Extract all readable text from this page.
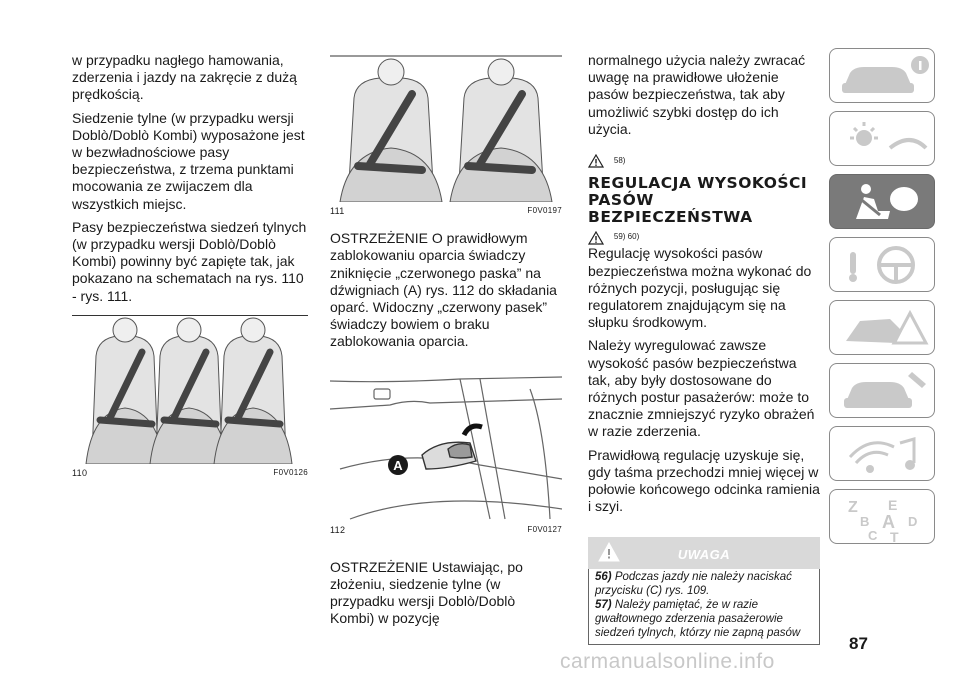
w przypadku nagłego hamowania, zderzenia i jazdy na zakręcie z dużą prędkością.

Siedzenie tylne (w przypadku wersji Doblò/Doblò Kombi) wyposażone jest w bezwładnościowe pasy bezpieczeństwa, z trzema punktami mocowania ze zwijaczem dla wszystkich miejsc.

Pasy bezpieczeństwa siedzeń tylnych (w przypadku wersji Doblò/Doblò Kombi) powinny być zapięte tak, jak pokazano na schematach na rys. 110 - rys. 111.

110	F0V0126
111	F0V0197

OSTRZEŻENIE O prawidłowym zablokowaniu oparcia świadczy zniknięcie „czerwonego paska” na dźwigniach (A) rys. 112 do składania oparć. Widoczny „czerwony pasek” świadczy bowiem o braku zablokowania oparcia.

A
112	F0V0127

OSTRZEŻENIE Ustawiając, po złożeniu, siedzenie tylne (w przypadku wersji Doblò/Doblò Kombi) w pozycję

normalnego użycia należy zwracać uwagę na prawidłowe ułożenie pasów bezpieczeństwa, tak aby umożliwić szybki dostęp do ich użycia.

$^{58)}$
REGULACJA WYSOKOŚCI PASÓW BEZPIECZEŃSTWA
$^{59) 60)}$

Regulację wysokości pasów bezpieczeństwa można wykonać do różnych pozycji, posługując się regulatorem znajdującym się na słupku środkowym.

Należy wyregulować zawsze wysokość pasów bezpieczeństwa tak, aby były dostosowane do różnych postur pasażerów: może to znacznie zmniejszyć ryzyko obrażeń w razie zderzenia.

Prawidłową regulację uzyskuje się, gdy taśma przechodzi mniej więcej w połowie końcowego odcinka ramienia i szyi.

UWAGA
56) Podczas jazdy nie należy naciskać przycisku (C) rys. 109.
57) Należy pamiętać, że w razie gwałtownego zderzenia pasażerowie siedzeń tylnych, którzy nie zapną pasów
Z E
B A D
C T
87
carmanualsonline.info
